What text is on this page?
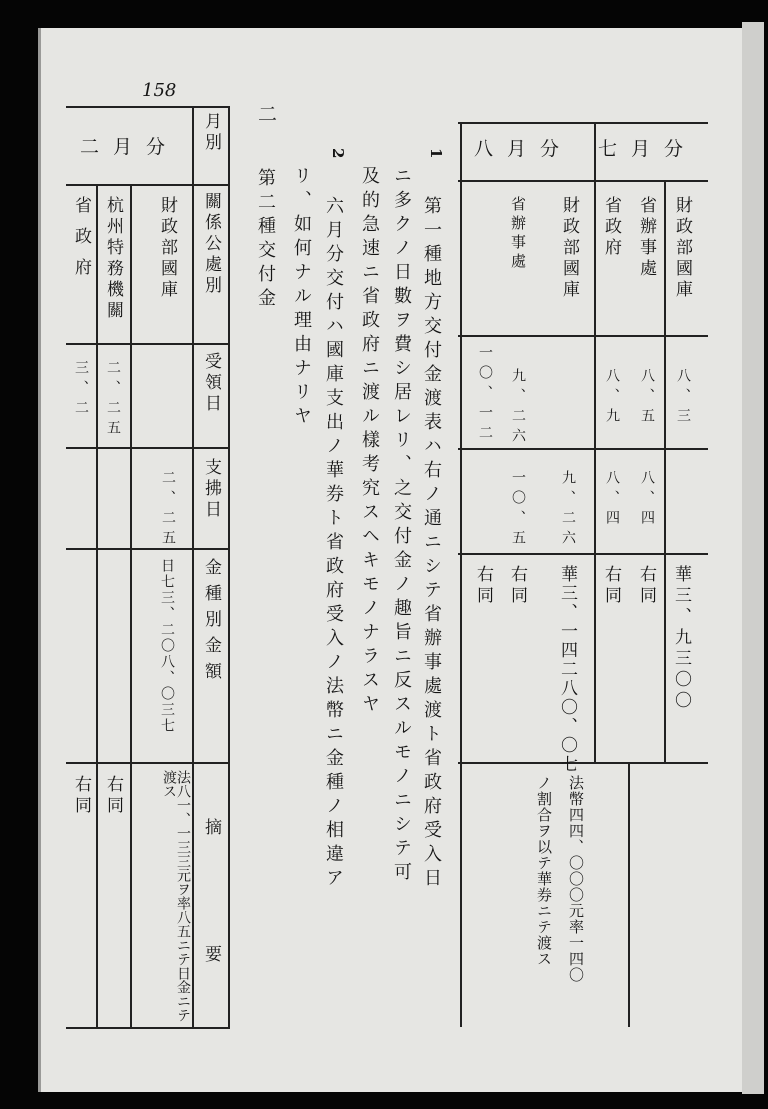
158
七月分
八月分
財政部國庫
八、三
華三、九三〇〇
省辦事處
八、五
八、四
右同
省政府
八、九
八、四
右同
財政部國庫
九、二六
華三、一四二八〇、〇七
法幣四四、〇〇〇元率一四〇
省辦事處
九、二六
一〇、五
右同
ノ割合ヲ以テ華券ニテ渡ス
一〇、一二
右同
1
第一種地方交付金渡表ハ右ノ通ニシテ省辦事處渡ト省政府受入日
ニ多クノ日數ヲ費シ居レリ、之交付金ノ趣旨ニ反スルモノニシテ可
及的急速ニ省政府ニ渡ル樣考究スヘキモノナラスヤ
2
六月分交付ハ國庫支出ノ華券ト省政府受入ノ法幣ニ金種ノ相違ア
リ、如何ナル理由ナリヤ
二
第二種交付金
月別
關係公處別
受領日
支拂日
金種別金額
摘要
二月分
財政部國庫
二、二五
日七三、二〇八、〇三七
法八一、一三三元ヲ率八五ニテ日金ニテ渡ス
杭州特務機關
二、二五
右同
省政府
三、二
右同
